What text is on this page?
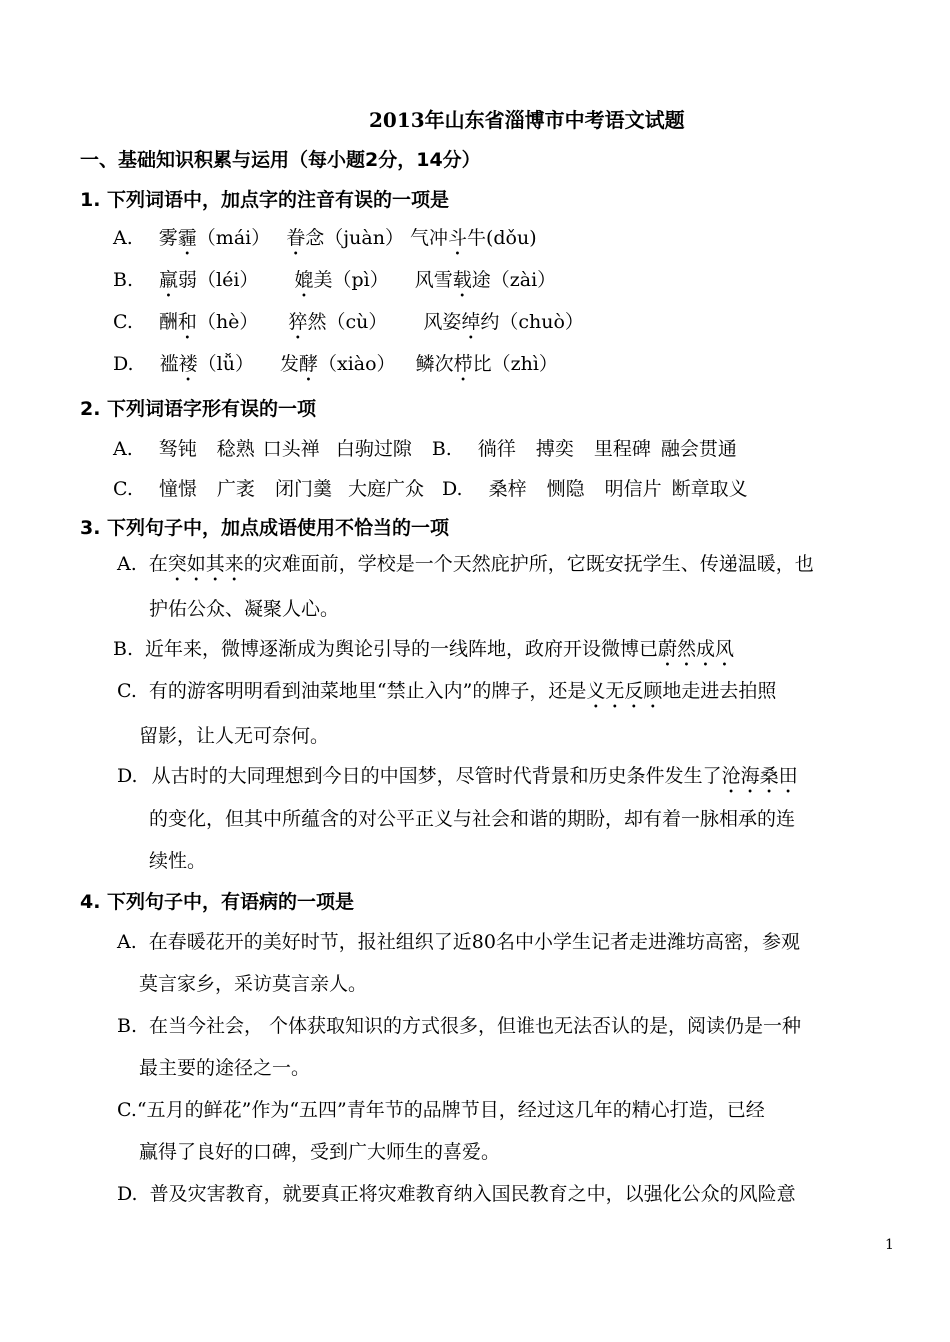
2013年山东省淄博市中考语文试题
一、基础知识积累与运用（每小题2分，14分）
1. 下列词语中，加点字的注音有误的一项是
A. 雾霾（mái） 眷念（juàn） 气冲斗牛(dǒu)
B. 羸弱（léi） 媲美（pì） 风雪载途（zài）
C. 酬和（hè） 猝然（cù） 风姿绰约（chuò）
D. 褴褛（lǚ） 发酵（xiào） 鳞次栉比（zhì）
2. 下列词语字形有误的一项
A. 驽钝 稔熟 口头禅 白驹过隙 B. 徜徉 搏奕 里程碑 融会贯通
C. 憧憬 广袤 闭门羹 大庭广众 D. 桑梓 恻隐 明信片 断章取义
3. 下列句子中，加点成语使用不恰当的一项
A. 在突如其来的灾难面前，学校是一个天然庇护所，它既安抚学生、传递温暖，也
护佑公众、凝聚人心。
B. 近年来，微博逐渐成为舆论引导的一线阵地，政府开设微博已蔚然成风
C. 有的游客明明看到油菜地里“禁止入内”的牌子，还是义无反顾地走进去拍照
留影，让人无可奈何。
D. 从古时的大同理想到今日的中国梦，尽管时代背景和历史条件发生了沧海桑田
的变化，但其中所蕴含的对公平正义与社会和谐的期盼，却有着一脉相承的连
续性。
4. 下列句子中，有语病的一项是
A. 在春暖花开的美好时节，报社组织了近80名中小学生记者走进潍坊高密，参观
莫言家乡，采访莫言亲人。
B. 在当今社会， 个体获取知识的方式很多，但谁也无法否认的是，阅读仍是一种
最主要的途径之一。
C.“五月的鲜花”作为“五四”青年节的品牌节目，经过这几年的精心打造，已经
赢得了良好的口碑，受到广大师生的喜爱。
D. 普及灾害教育，就要真正将灾难教育纳入国民教育之中，以强化公众的风险意
1
